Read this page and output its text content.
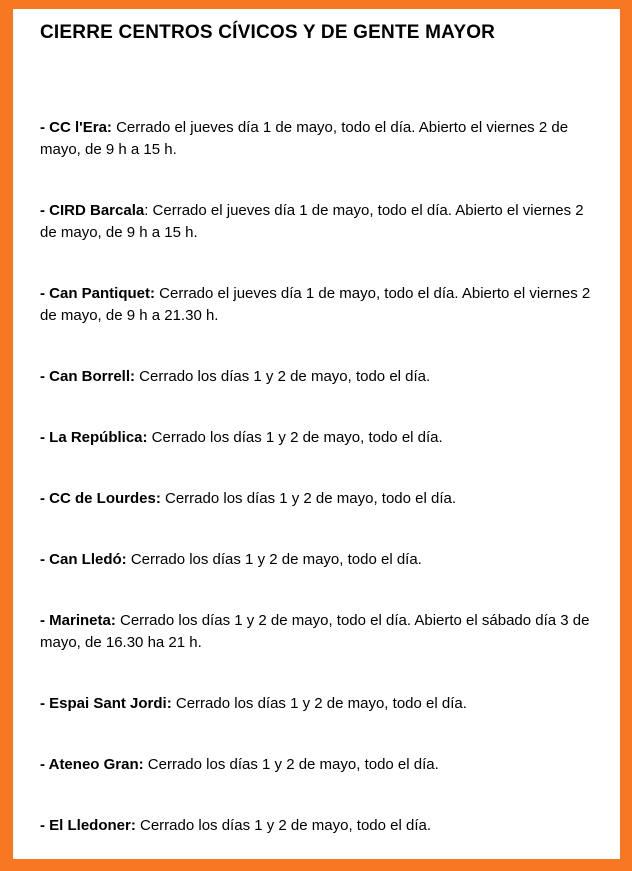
CIERRE CENTROS CÍVICOS Y DE GENTE MAYOR

- CC l'Era: Cerrado el jueves día 1 de mayo, todo el día. Abierto el viernes 2 de mayo, de 9 h a 15 h.

- CIRD Barcala: Cerrado el jueves día 1 de mayo, todo el día. Abierto el viernes 2 de mayo, de 9 h a 15 h.

- Can Pantiquet: Cerrado el jueves día 1 de mayo, todo el día. Abierto el viernes 2 de mayo, de 9 h a 21.30 h.

- Can Borrell: Cerrado los días 1 y 2 de mayo, todo el día.

- La República: Cerrado los días 1 y 2 de mayo, todo el día.

- CC de Lourdes: Cerrado los días 1 y 2 de mayo, todo el día.

- Can Lledó: Cerrado los días 1 y 2 de mayo, todo el día.

- Marineta: Cerrado los días 1 y 2 de mayo, todo el día. Abierto el sábado día 3 de mayo, de 16.30 ha 21 h.

- Espai Sant Jordi: Cerrado los días 1 y 2 de mayo, todo el día.

- Ateneo Gran: Cerrado los días 1 y 2 de mayo, todo el día.

- El Lledoner: Cerrado los días 1 y 2 de mayo, todo el día.
